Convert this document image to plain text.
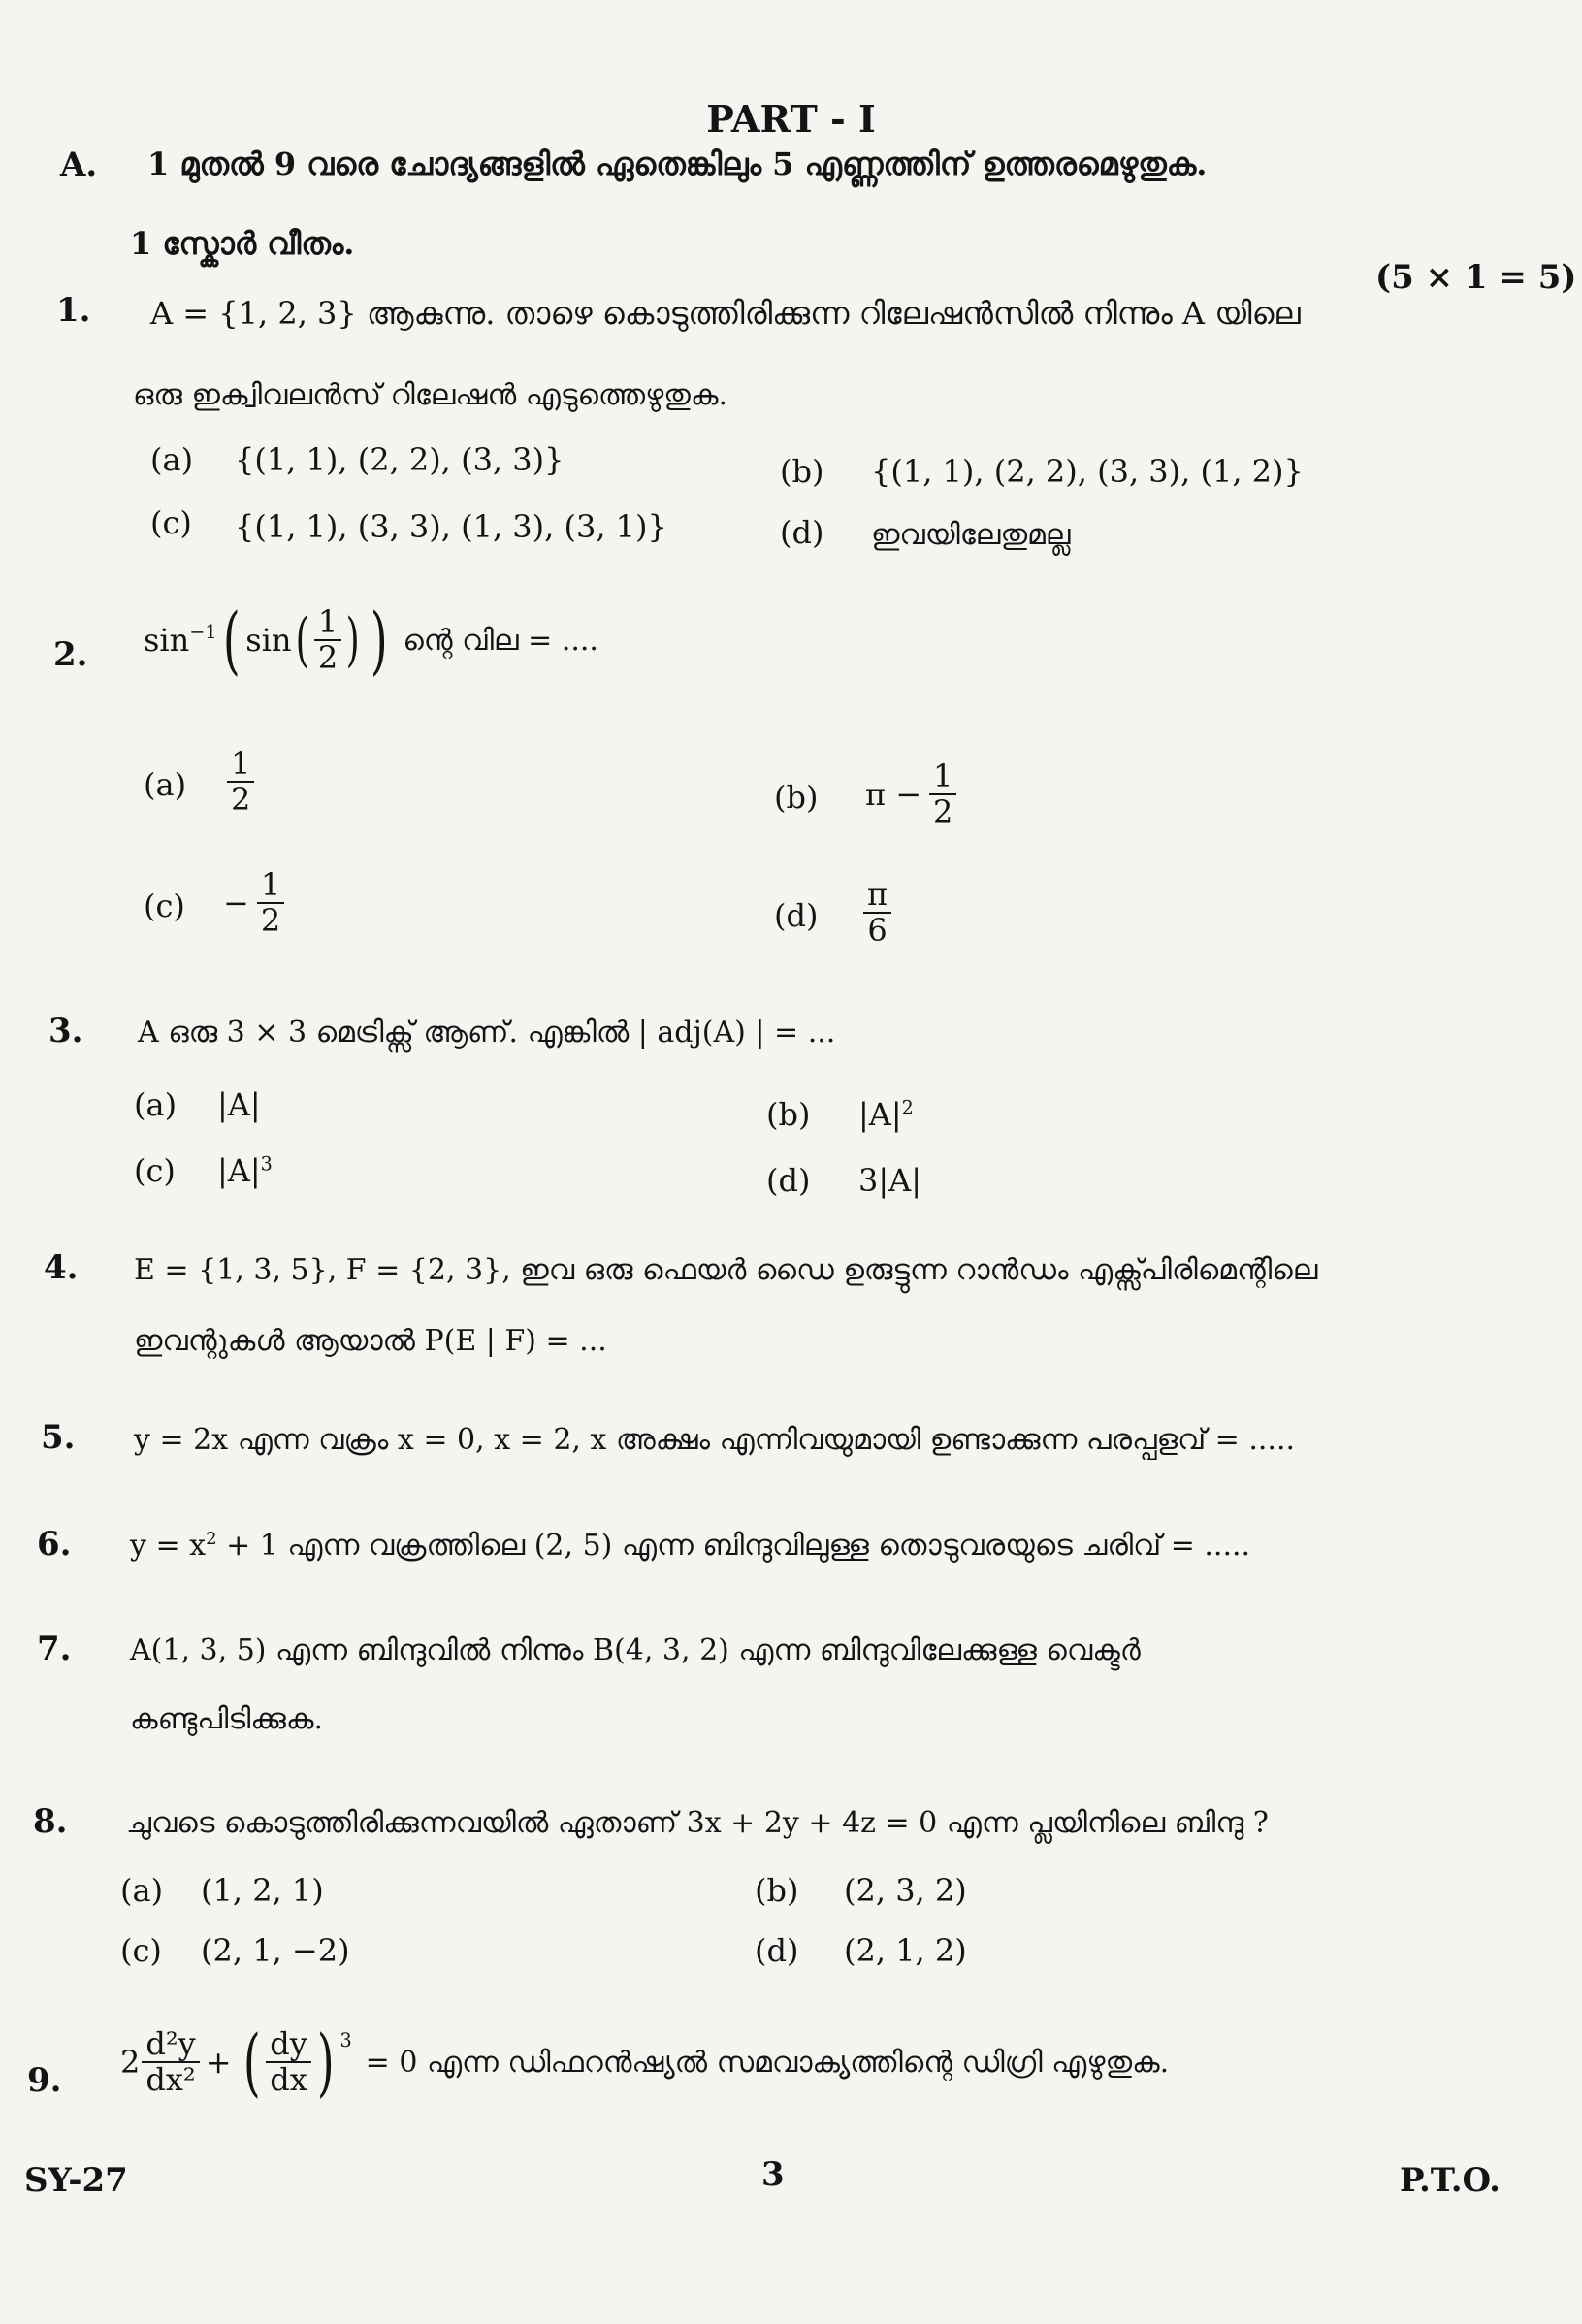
PART - I
A. 1 മുതൽ 9 വരെ ചോദ്യങ്ങളിൽ ഏതെങ്കിലും 5 എണ്ണത്തിന് ഉത്തരമെഴുതുക.
1 സ്കോർ വീതം.
(5 × 1 = 5)
1. A = {1, 2, 3} ആകുന്നു. താഴെ കൊടുത്തിരിക്കുന്ന റിലേഷൻസിൽ നിന്നും A യിലെ
ഒരു ഇക്വിവലൻസ് റിലേഷൻ എടുത്തെഴുതുക.
(a) {(1, 1), (2, 2), (3, 3)}	(b) {(1, 1), (2, 2), (3, 3), (1, 2)}
(c) {(1, 1), (3, 3), (1, 3), (3, 1)}	(d) ഇവയിലേതുമല്ല
2. $\sin^{-1}$ ( sin ( $\frac{1}{2}$ ) ) ന്റെ വില = ....
$(a) \frac{1}{2}$	(b) $\pi - \frac{1}{2}$
$(c) - \frac{1}{2}$	$(d) \frac{\pi}{6}$
3. A ഒരു 3 × 3 മെട്രിക്സ് ആണ്. എങ്കിൽ | adj(A) | = ...
(a) |A|	(b) $|A|^2$
(c) $|A|^3$	(d) 3|A|
4. E = {1, 3, 5}, F = {2, 3}, ഇവ ഒരു ഫെയർ ഡൈ ഉരുട്ടുന്ന റാൻഡം എക്സ്പിരിമെന്റിലെ
ഇവന്റുകൾ ആയാൽ P(E | F) = ...
5. y = 2x എന്ന വക്രം x = 0, x = 2, x അക്ഷം എന്നിവയുമായി ഉണ്ടാക്കുന്ന പരപ്പളവ് = .....
6. $y = x^2 + 1$ എന്ന വക്രത്തിലെ (2, 5) എന്ന ബിന്ദുവിലുള്ള തൊടുവരയുടെ ചരിവ് = .....
7. A(1, 3, 5) എന്ന ബിന്ദുവിൽ നിന്നും B(4, 3, 2) എന്ന ബിന്ദുവിലേക്കുള്ള വെക്ടർ
കണ്ടുപിടിക്കുക.
8. ചുവടെ കൊടുത്തിരിക്കുന്നവയിൽ ഏതാണ് 3x + 2y + 4z = 0 എന്ന പ്ലയിനിലെ ബിന്ദു ?
(a) (1, 2, 1)	(b) (2, 3, 2)
(c) (2, 1, −2)	(d) (2, 1, 2)
9. $2 \frac{\text{d²y}}{\text{dx²}}$ + ( $\frac{dy}{dx}$ ) $^3$
= 0 എന്ന ഡിഫറൻഷ്യൽ സമവാക്യത്തിന്റെ ഡിഗ്രി എഴുതുക.
SY-27	3	P.T.O.
